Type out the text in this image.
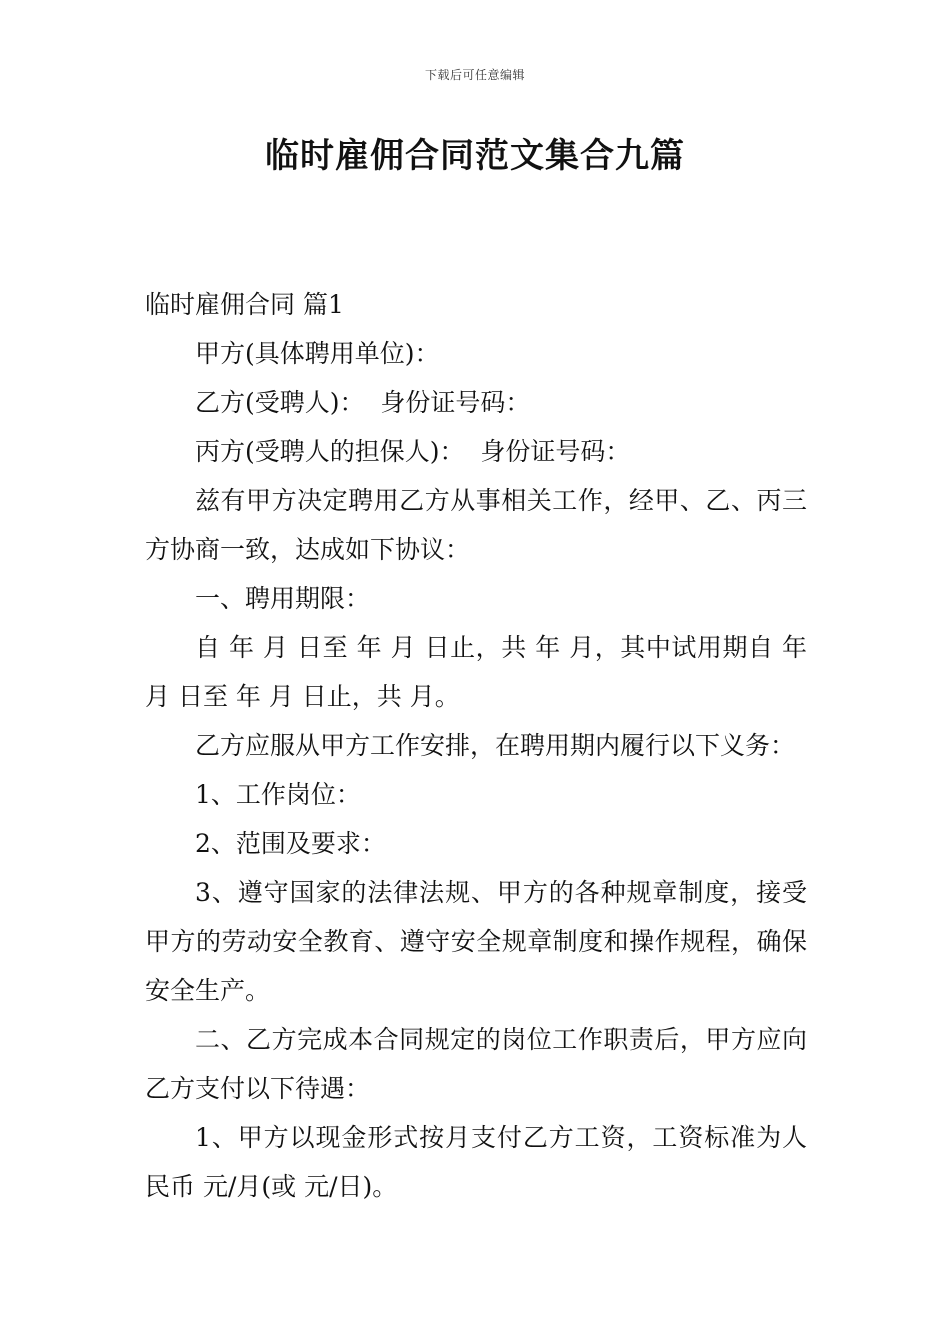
下载后可任意编辑
临时雇佣合同范文集合九篇

临时雇佣合同 篇1

甲方(具体聘用单位)：

乙方(受聘人)：  身份证号码：

丙方(受聘人的担保人)：  身份证号码：

兹有甲方决定聘用乙方从事相关工作，经甲、乙、丙三方协商一致，达成如下协议：

一、聘用期限：

自 年 月 日至 年 月 日止，共 年 月，其中试用期自 年 月 日至 年 月 日止，共 月。

乙方应服从甲方工作安排，在聘用期内履行以下义务：

1、工作岗位：

2、范围及要求：

3、遵守国家的法律法规、甲方的各种规章制度，接受甲方的劳动安全教育、遵守安全规章制度和操作规程，确保安全生产。

二、乙方完成本合同规定的岗位工作职责后，甲方应向乙方支付以下待遇：

1、甲方以现金形式按月支付乙方工资，工资标准为人民币 元/月(或 元/日)。
